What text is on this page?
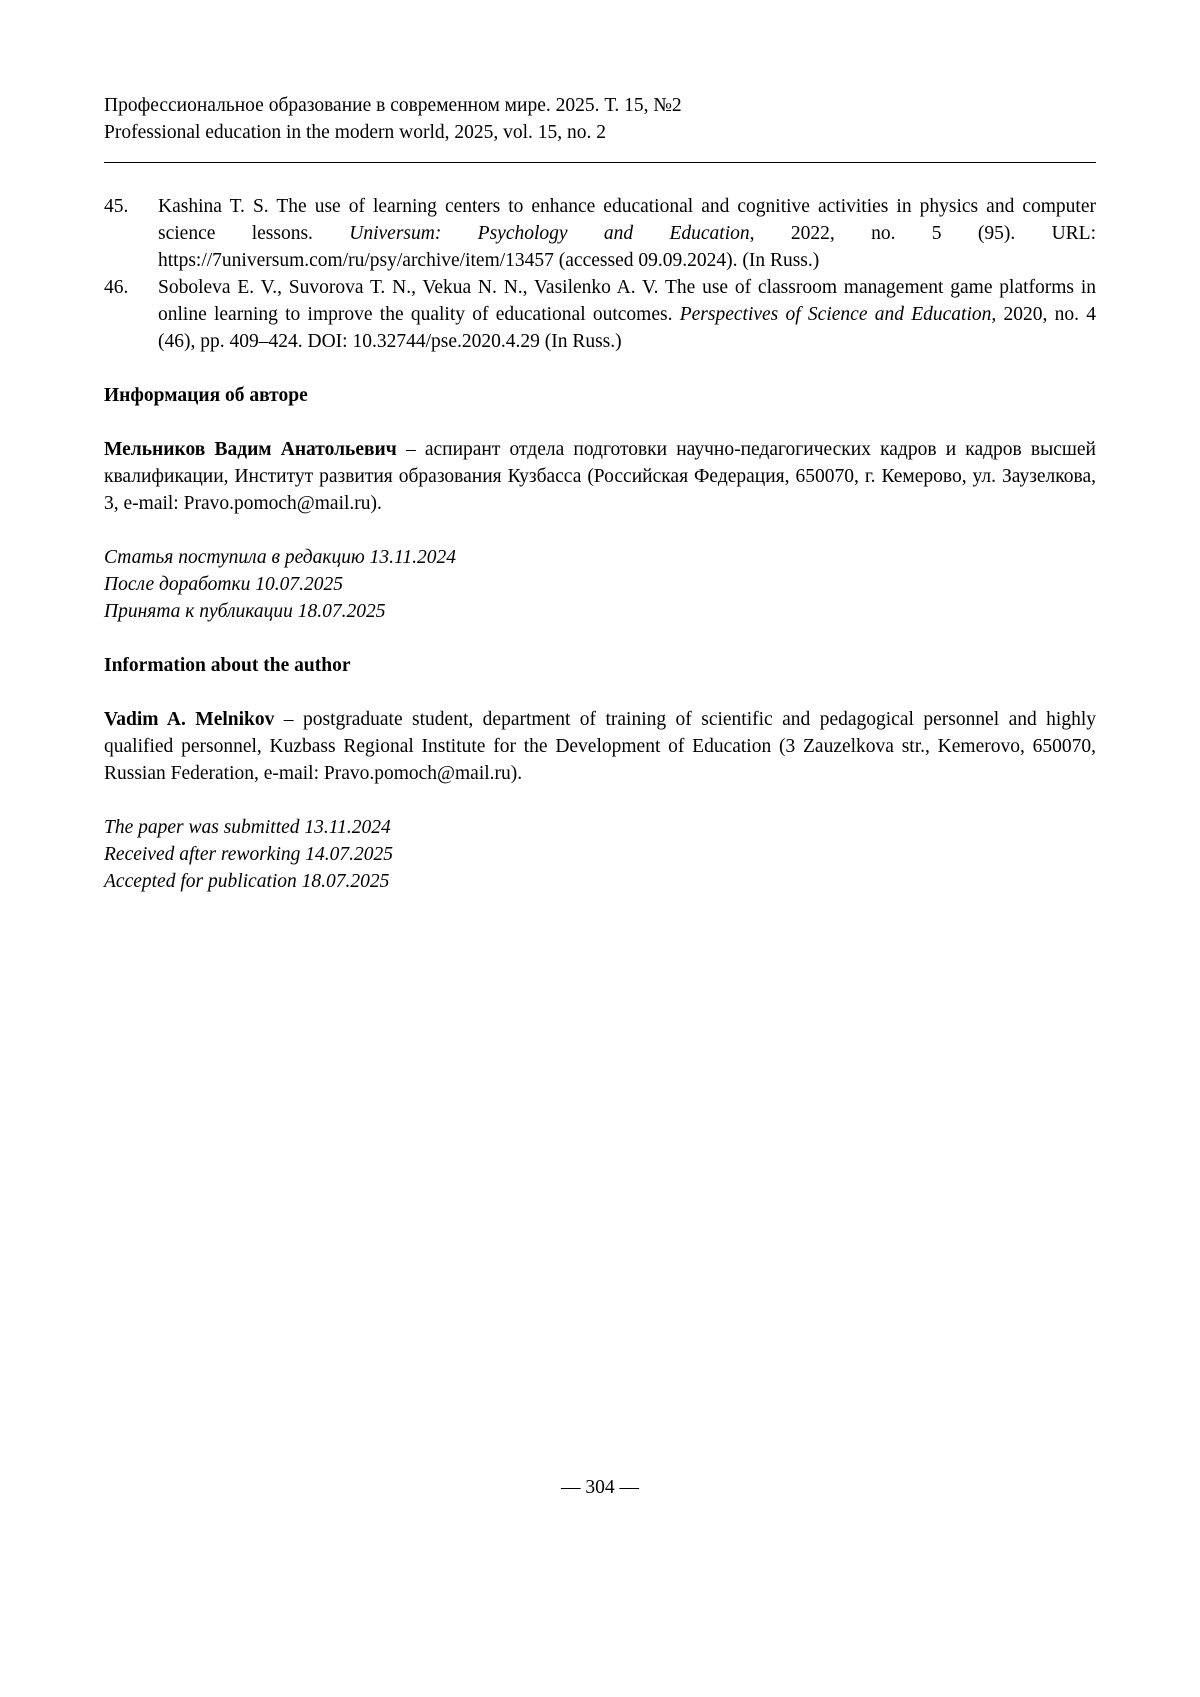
Профессиональное образование в современном мире. 2025. Т. 15, №2
Professional education in the modern world, 2025, vol. 15, no. 2
45.	Kashina T. S. The use of learning centers to enhance educational and cognitive activities in physics and computer science lessons. Universum: Psychology and Education, 2022, no. 5 (95). URL: https://7universum.com/ru/psy/archive/item/13457 (accessed 09.09.2024). (In Russ.)
46.	Soboleva E. V., Suvorova T. N., Vekua N. N., Vasilenko A. V. The use of classroom management game platforms in online learning to improve the quality of educational outcomes. Perspectives of Science and Education, 2020, no. 4 (46), pp. 409–424. DOI: 10.32744/pse.2020.4.29 (In Russ.)
Информация об авторе

Мельников Вадим Анатольевич – аспирант отдела подготовки научно-педагогических кадров и кадров высшей квалификации, Институт развития образования Кузбасса (Российская Федерация, 650070, г. Кемерово, ул. Заузелкова, 3, e-mail: Pravo.pomoch@mail.ru).

Статья поступила в редакцию 13.11.2024
После доработки 10.07.2025
Принята к публикации 18.07.2025
Information about the author

Vadim A. Melnikov – postgraduate student, department of training of scientific and pedagogical personnel and highly qualified personnel, Kuzbass Regional Institute for the Development of Education (3 Zauzelkova str., Kemerovo, 650070, Russian Federation, e-mail: Pravo.pomoch@mail.ru).

The paper was submitted 13.11.2024
Received after reworking 14.07.2025
Accepted for publication 18.07.2025
— 304 —
